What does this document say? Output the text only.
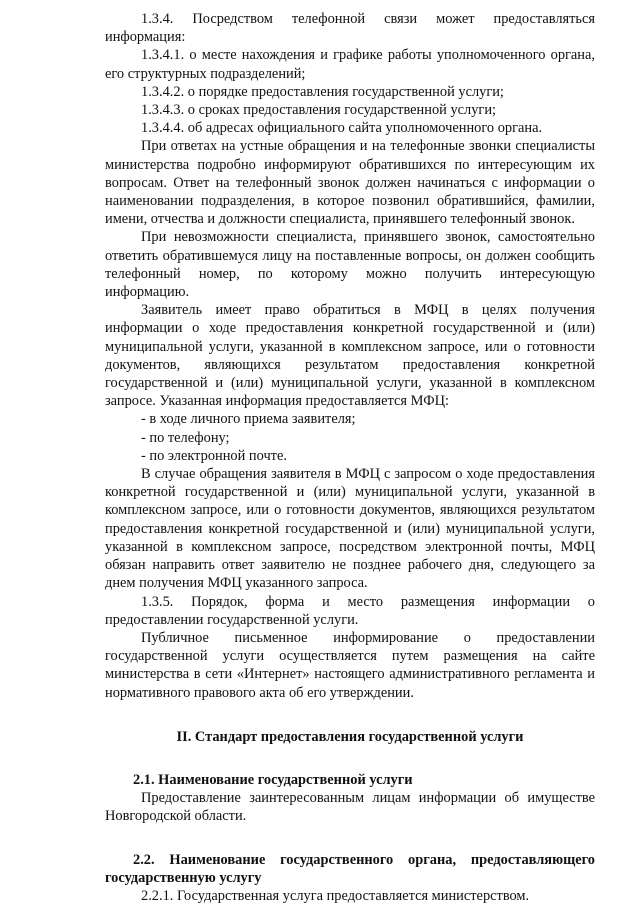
1.3.4. Посредством телефонной связи может предоставляться информация:

1.3.4.1. о месте нахождения и графике работы уполномоченного органа, его структурных подразделений;

1.3.4.2. о порядке предоставления государственной услуги;

1.3.4.3. о сроках предоставления государственной услуги;

1.3.4.4. об адресах официального сайта уполномоченного органа.

При ответах на устные обращения и на телефонные звонки специалисты министерства подробно информируют обратившихся по интересующим их вопросам. Ответ на телефонный звонок должен начинаться с информации о наименовании подразделения, в которое позвонил обратившийся, фамилии, имени, отчества и должности специалиста, принявшего телефонный звонок.

При невозможности специалиста, принявшего звонок, самостоятельно ответить обратившемуся лицу на поставленные вопросы, он должен сообщить телефонный номер, по которому можно получить интересующую информацию.

Заявитель имеет право обратиться в МФЦ в целях получения информации о ходе предоставления конкретной государственной и (или) муниципальной услуги, указанной в комплексном запросе, или о готовности документов, являющихся результатом предоставления конкретной государственной и (или) муниципальной услуги, указанной в комплексном запросе. Указанная информация предоставляется МФЦ:

- в ходе личного приема заявителя;

- по телефону;

- по электронной почте.

В случае обращения заявителя в МФЦ с запросом о ходе предоставления конкретной государственной и (или) муниципальной услуги, указанной в комплексном запросе, или о готовности документов, являющихся результатом предоставления конкретной государственной и (или) муниципальной услуги, указанной в комплексном запросе, посредством электронной почты, МФЦ обязан направить ответ заявителю не позднее рабочего дня, следующего за днем получения МФЦ указанного запроса.

1.3.5. Порядок, форма и место размещения информации о предоставлении государственной услуги.

Публичное письменное информирование о предоставлении государственной услуги осуществляется путем размещения на сайте министерства в сети «Интернет» настоящего административного регламента и нормативного правового акта об его утверждении.

II. Стандарт предоставления государственной услуги

2.1. Наименование государственной услуги

Предоставление заинтересованным лицам информации об имуществе Новгородской области.

2.2. Наименование государственного органа, предоставляющего государственную услугу

2.2.1. Государственная услуга предоставляется министерством.
